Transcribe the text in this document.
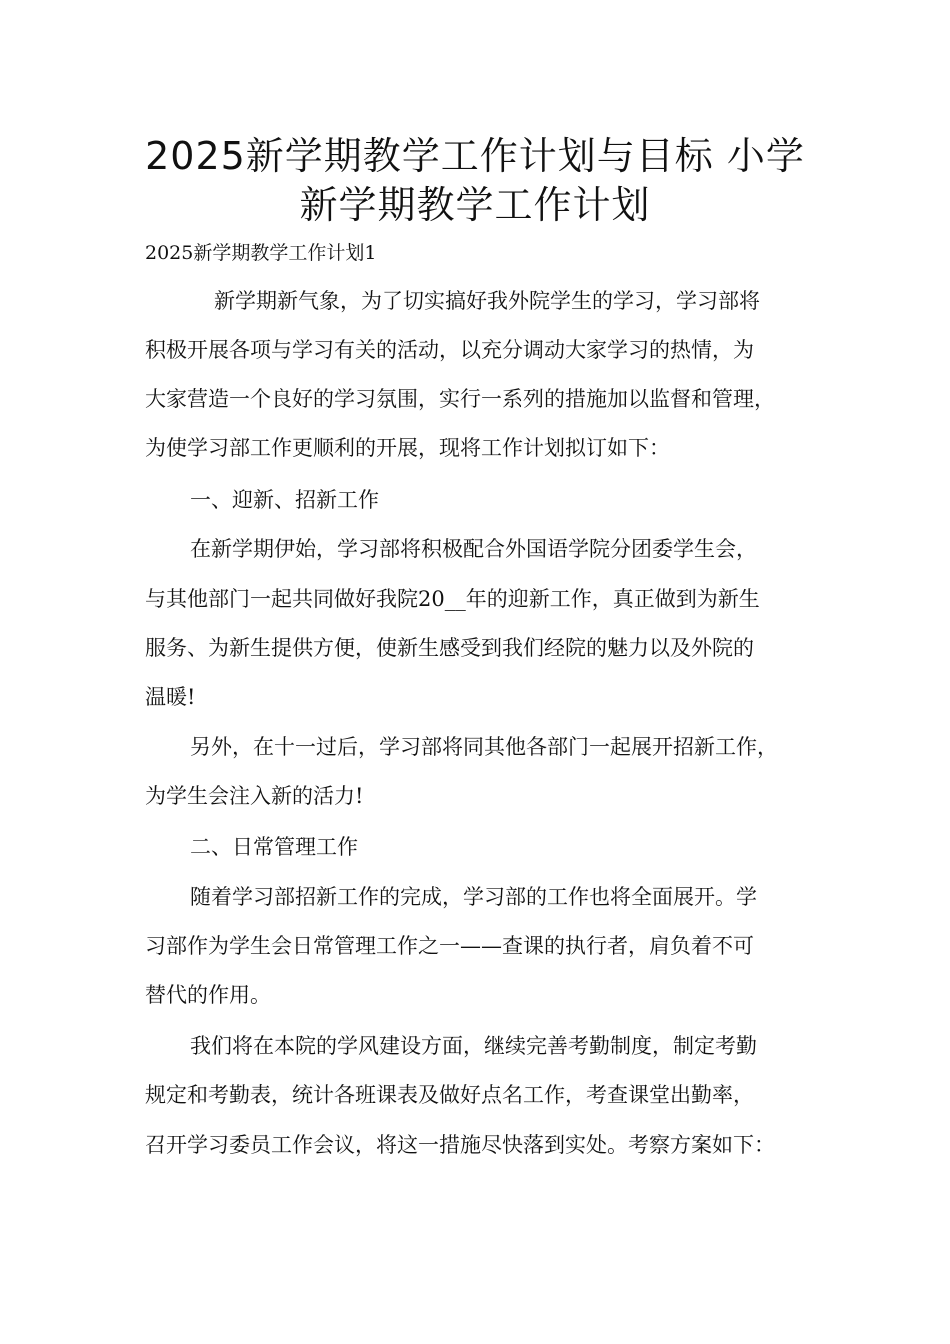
2025新学期教学工作计划与目标 小学
新学期教学工作计划
2025新学期教学工作计划1
新学期新气象，为了切实搞好我外院学生的学习，学习部将
积极开展各项与学习有关的活动，以充分调动大家学习的热情，为
大家营造一个良好的学习氛围，实行一系列的措施加以监督和管理，
为使学习部工作更顺利的开展，现将工作计划拟订如下：
一、迎新、招新工作
在新学期伊始，学习部将积极配合外国语学院分团委学生会，
与其他部门一起共同做好我院20__年的迎新工作，真正做到为新生
服务、为新生提供方便，使新生感受到我们经院的魅力以及外院的
温暖!
另外，在十一过后，学习部将同其他各部门一起展开招新工作，
为学生会注入新的活力!
二、日常管理工作
随着学习部招新工作的完成，学习部的工作也将全面展开。学
习部作为学生会日常管理工作之一——查课的执行者，肩负着不可
替代的作用。
我们将在本院的学风建设方面，继续完善考勤制度，制定考勤
规定和考勤表，统计各班课表及做好点名工作，考查课堂出勤率，
召开学习委员工作会议，将这一措施尽快落到实处。考察方案如下：
